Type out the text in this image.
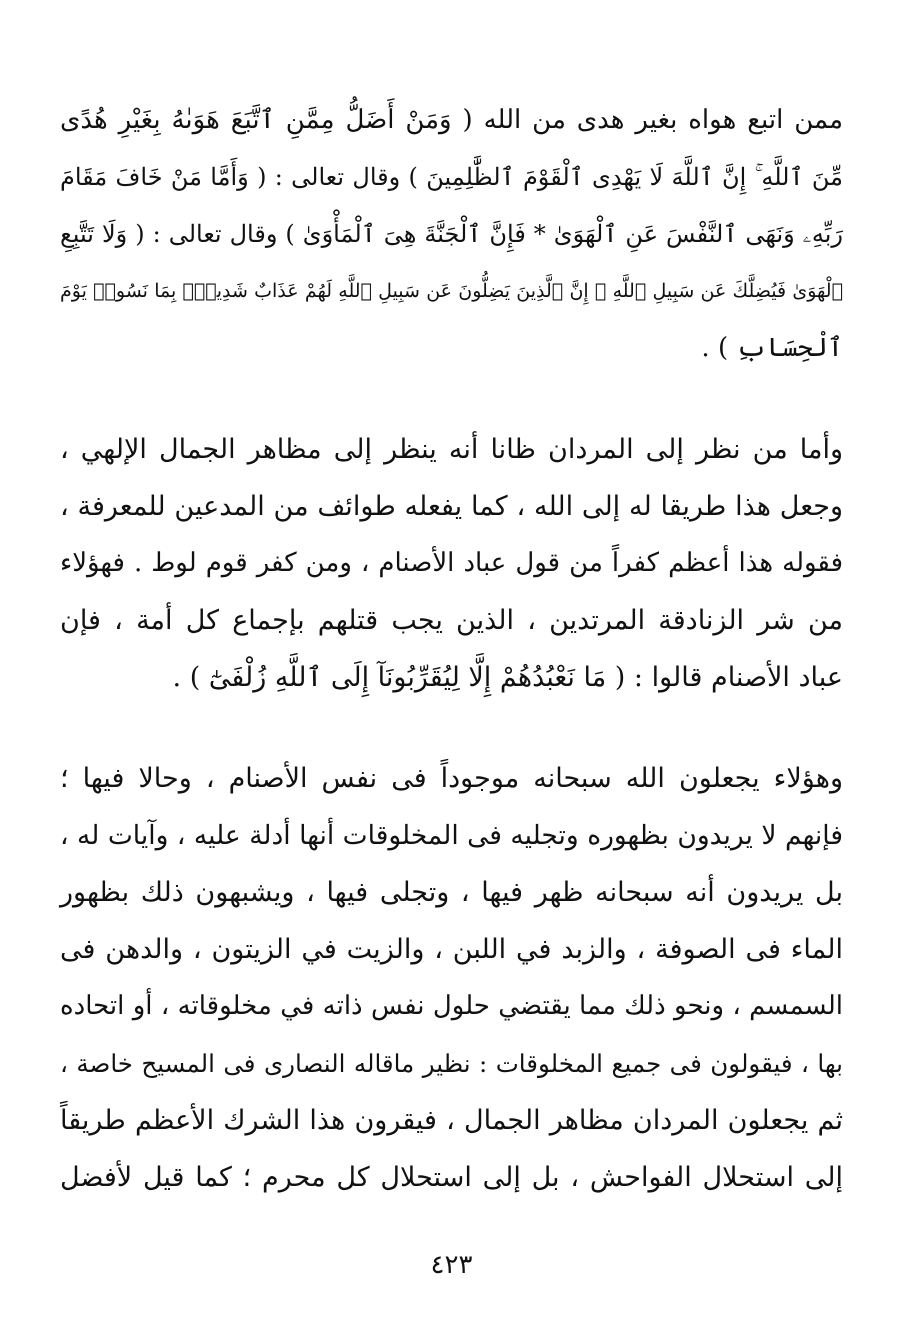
ممن اتبع هواه بغير هدى من الله ( وَمَنْ أَضَلُّ مِمَّنِ ٱتَّبَعَ هَوَىٰهُ بِغَيْرِ هُدًى
مِّنَ ٱللَّهِ ۚ إِنَّ ٱللَّهَ لَا يَهْدِى ٱلْقَوْمَ ٱلظَّٰلِمِينَ ) وقال تعالى : ( وَأَمَّا مَنْ خَافَ مَقَامَ
رَبِّهِۦ وَنَهَى ٱلنَّفْسَ عَنِ ٱلْهَوَىٰ * فَإِنَّ ٱلْجَنَّةَ هِىَ ٱلْمَأْوَىٰ ) وقال تعالى : ( وَلَا تَتَّبِعِ
ٱلْهَوَىٰ فَيُضِلَّكَ عَن سَبِيلِ ٱللَّهِ ۚ إِنَّ ٱلَّذِينَ يَضِلُّونَ عَن سَبِيلِ ٱللَّهِ لَهُمْ عَذَابٌ شَدِيدٌۢ بِمَا نَسُوا۟ يَوْمَ
ٱلْحِسَابِ ) .
وأما من نظر إلى المردان ظانا أنه ينظر إلى مظاهر الجمال الإلهي ،
وجعل هذا طريقا له إلى الله ، كما يفعله طوائف من المدعين للمعرفة ،
فقوله هذا أعظم كفراً من قول عباد الأصنام ، ومن كفر قوم لوط . فهؤلاء
من شر الزنادقة المرتدين ، الذين يجب قتلهم بإجماع كل أمة ، فإن
عباد الأصنام قالوا : ( مَا نَعْبُدُهُمْ إِلَّا لِيُقَرِّبُونَآ إِلَى ٱللَّهِ زُلْفَىٰٓ ) .
وهؤلاء يجعلون الله سبحانه موجوداً فى نفس الأصنام ، وحالا فيها ؛
فإنهم لا يريدون بظهوره وتجليه فى المخلوقات أنها أدلة عليه ، وآيات له ،
بل يريدون أنه سبحانه ظهر فيها ، وتجلى فيها ، ويشبهون ذلك بظهور
الماء فى الصوفة ، والزبد في اللبن ، والزيت في الزيتون ، والدهن فى
السمسم ، ونحو ذلك مما يقتضي حلول نفس ذاته في مخلوقاته ، أو اتحاده
بها ، فيقولون فى جميع المخلوقات : نظير ماقاله النصارى فى المسيح خاصة ،
ثم يجعلون المردان مظاهر الجمال ، فيقرون هذا الشرك الأعظم طريقاً
إلى استحلال الفواحش ، بل إلى استحلال كل محرم ؛ كما قيل لأفضل
٤٢٣
